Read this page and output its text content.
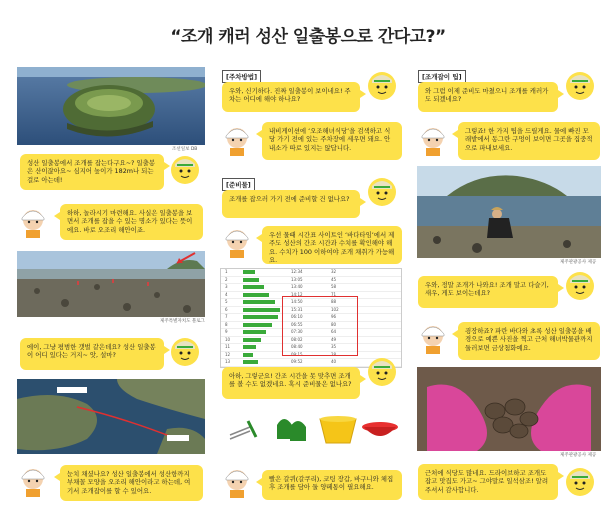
“조개 캐러 성산 일출봉으로 간다고?”
조선일보 DB
성산 일출봉에서 조개를 잡는다구요~? 일출봉은 산이잖아요~ 심지어 높이가 182m나 되는 걸로 아는데!
하하, 놀라시기 마련해요. 사실은 일출봉을 보면서 조개를 잡을 수 있는 명소가 있다는 뜻이에요. 바로 오조리 해안이죠.
제주특별자치도 블로그
에이, 그냥 평범한 갯벌 같은데요? 성산 일출봉이 어디 있다는 거지~ 앗, 설마?
눈치 채셨나요? 성산 일출봉에서 성산항까지 부채꼴 모양을 오조리 해안이라고 하는데, 여기서 조개잡이를 할 수 있어요.
[주차방법]
우와, 신기하다. 진짜 일출봉이 보이네요! 주차는 어디에 해야 하나요?
내비게이션에 ‘오조해녀식당’을 검색하고 식당 가기 전에 있는 주차장에 세우면 돼요. 안내소가 따로 있지는 않답니다.
[준비물]
조개를 잡으러 가기 전에 준비할 건 없나요?
우선 물때 시간표 사이트인 ‘바다타임’에서 제주도 성산의 간조 시간과 수치를 확인해야 해요. 수치가 100 이하여야 조개 채취가 가능해요.
1	12:34	32
2	13:05	45
3	13:40	58
4	14:12	71
5	14:50	88
6	15:31	102
7	06:10	96
8	06:55	80
9	07:30	64
10	08:02	49
11	08:40	35
12	09:15	28
13	09:52	40
아하, 그렇군요! 간조 시간을 못 맞추면 조개를 볼 수도 없겠네요. 혹시 준비물은 없나요?
빨은 갈퀴(갈쿠리), 코팅 장갑, 바구니와 체집 후 조개를 담아 둘 양페통이 필요해요.
[조개잡이 팁]
와 그럼 이제 준비도 마쳤으니 조개를 캐러가도 되겠네요?
그렇죠! 한 가지 팁을 드릴게요. 물에 빠진 모래밭에서 동그란 구멍이 보이면 그곳을 집중적으로 파내보세요.
제주관광공사 제공
우와, 정말 조개가 나와요! 조개 말고 다슬기, 새우, 게도 보이는데요?
굉장하죠? 파란 바다와 초록 성산 일출봉을 배경으로 예쁜 사진을 찍고 근처 해녀박물관까지 둘러보면 금상첨화예요.
제주관광공사 제공
근처에 식당도 많네요. 드라이브하고 조개도 잡고 맛집도 가고~ 그야말로 일석삼조! 알려주셔서 감사합니다.
